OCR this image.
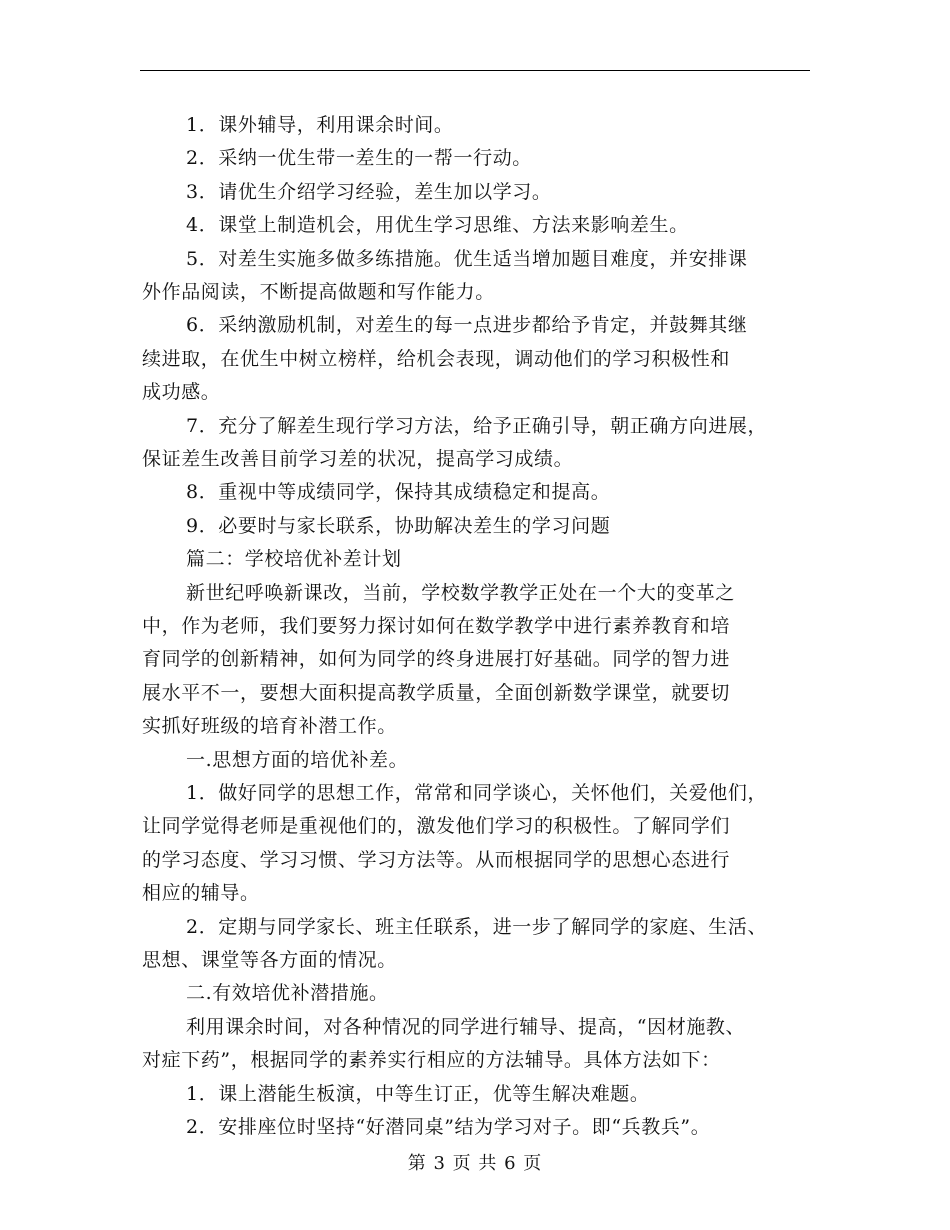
1．课外辅导，利用课余时间。
2．采纳一优生带一差生的一帮一行动。
3．请优生介绍学习经验，差生加以学习。
4．课堂上制造机会，用优生学习思维、方法来影响差生。
5．对差生实施多做多练措施。优生适当增加题目难度，并安排课
外作品阅读，不断提高做题和写作能力。
6．采纳激励机制，对差生的每一点进步都给予肯定，并鼓舞其继
续进取，在优生中树立榜样，给机会表现，调动他们的学习积极性和
成功感。
7．充分了解差生现行学习方法，给予正确引导，朝正确方向进展，
保证差生改善目前学习差的状况，提高学习成绩。
8．重视中等成绩同学，保持其成绩稳定和提高。
9．必要时与家长联系，协助解决差生的学习问题
篇二：学校培优补差计划
新世纪呼唤新课改，当前，学校数学教学正处在一个大的变革之
中，作为老师，我们要努力探讨如何在数学教学中进行素养教育和培
育同学的创新精神，如何为同学的终身进展打好基础。同学的智力进
展水平不一，要想大面积提高教学质量，全面创新数学课堂，就要切
实抓好班级的培育补潜工作。
一.思想方面的培优补差。
1．做好同学的思想工作，常常和同学谈心，关怀他们，关爱他们，
让同学觉得老师是重视他们的，激发他们学习的积极性。了解同学们
的学习态度、学习习惯、学习方法等。从而根据同学的思想心态进行
相应的辅导。
2．定期与同学家长、班主任联系，进一步了解同学的家庭、生活、
思想、课堂等各方面的情况。
二.有效培优补潜措施。
利用课余时间，对各种情况的同学进行辅导、提高，“因材施教、
对症下药”，根据同学的素养实行相应的方法辅导。具体方法如下：
1．课上潜能生板演，中等生订正，优等生解决难题。
2．安排座位时坚持“好潜同桌”结为学习对子。即“兵教兵”。
第 3 页 共 6 页
